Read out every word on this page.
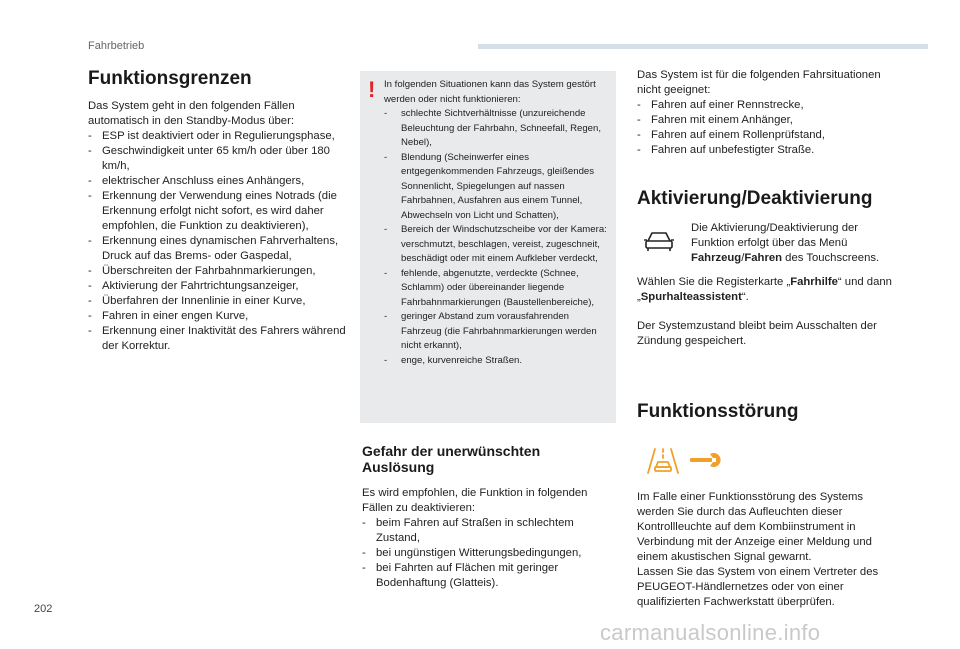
Fahrbetrieb
Funktionsgrenzen
Das System geht in den folgenden Fällen automatisch in den Standby-Modus über:
- ESP ist deaktiviert oder in Regulierungsphase,
- Geschwindigkeit unter 65 km/h oder über 180 km/h,
- elektrischer Anschluss eines Anhängers,
- Erkennung der Verwendung eines Notrads (die Erkennung erfolgt nicht sofort, es wird daher empfohlen, die Funktion zu deaktivieren),
- Erkennung eines dynamischen Fahrverhaltens, Druck auf das Brems- oder Gaspedal,
- Überschreiten der Fahrbahnmarkierungen,
- Aktivierung der Fahrtrichtungsanzeiger,
- Überfahren der Innenlinie in einer Kurve,
- Fahren in einer engen Kurve,
- Erkennung einer Inaktivität des Fahrers während der Korrektur.
! In folgenden Situationen kann das System gestört werden oder nicht funktionieren:
- schlechte Sichtverhältnisse (unzureichende Beleuchtung der Fahrbahn, Schneefall, Regen, Nebel),
- Blendung (Scheinwerfer eines entgegenkommenden Fahrzeugs, gleißendes Sonnenlicht, Spiegelungen auf nassen Fahrbahnen, Ausfahren aus einem Tunnel, Abwechseln von Licht und Schatten),
- Bereich der Windschutzscheibe vor der Kamera: verschmutzt, beschlagen, vereist, zugeschneit, beschädigt oder mit einem Aufkleber verdeckt,
- fehlende, abgenutzte, verdeckte (Schnee, Schlamm) oder übereinander liegende Fahrbahnmarkierungen (Baustellenbereiche),
- geringer Abstand zum vorausfahrenden Fahrzeug (die Fahrbahnmarkierungen werden nicht erkannt),
- enge, kurvenreiche Straßen.
Gefahr der unerwünschten Auslösung
Es wird empfohlen, die Funktion in folgenden Fällen zu deaktivieren:
- beim Fahren auf Straßen in schlechtem Zustand,
- bei ungünstigen Witterungsbedingungen,
- bei Fahrten auf Flächen mit geringer Bodenhaftung (Glatteis).
Das System ist für die folgenden Fahrsituationen nicht geeignet:
- Fahren auf einer Rennstrecke,
- Fahren mit einem Anhänger,
- Fahren auf einem Rollenprüfstand,
- Fahren auf unbefestigter Straße.
Aktivierung/Deaktivierung
Die Aktivierung/Deaktivierung der Funktion erfolgt über das Menü Fahrzeug/Fahren des Touchscreens.
Wählen Sie die Registerkarte „Fahrhilfe“ und dann „Spurhalteassistent“.
Der Systemzustand bleibt beim Ausschalten der Zündung gespeichert.
Funktionsstörung
Im Falle einer Funktionsstörung des Systems werden Sie durch das Aufleuchten dieser Kontrollleuchte auf dem Kombiinstrument in Verbindung mit der Anzeige einer Meldung und einem akustischen Signal gewarnt.
Lassen Sie das System von einem Vertreter des PEUGEOT-Händlernetzes oder von einer qualifizierten Fachwerkstatt überprüfen.
202
carmanualsonline.info
